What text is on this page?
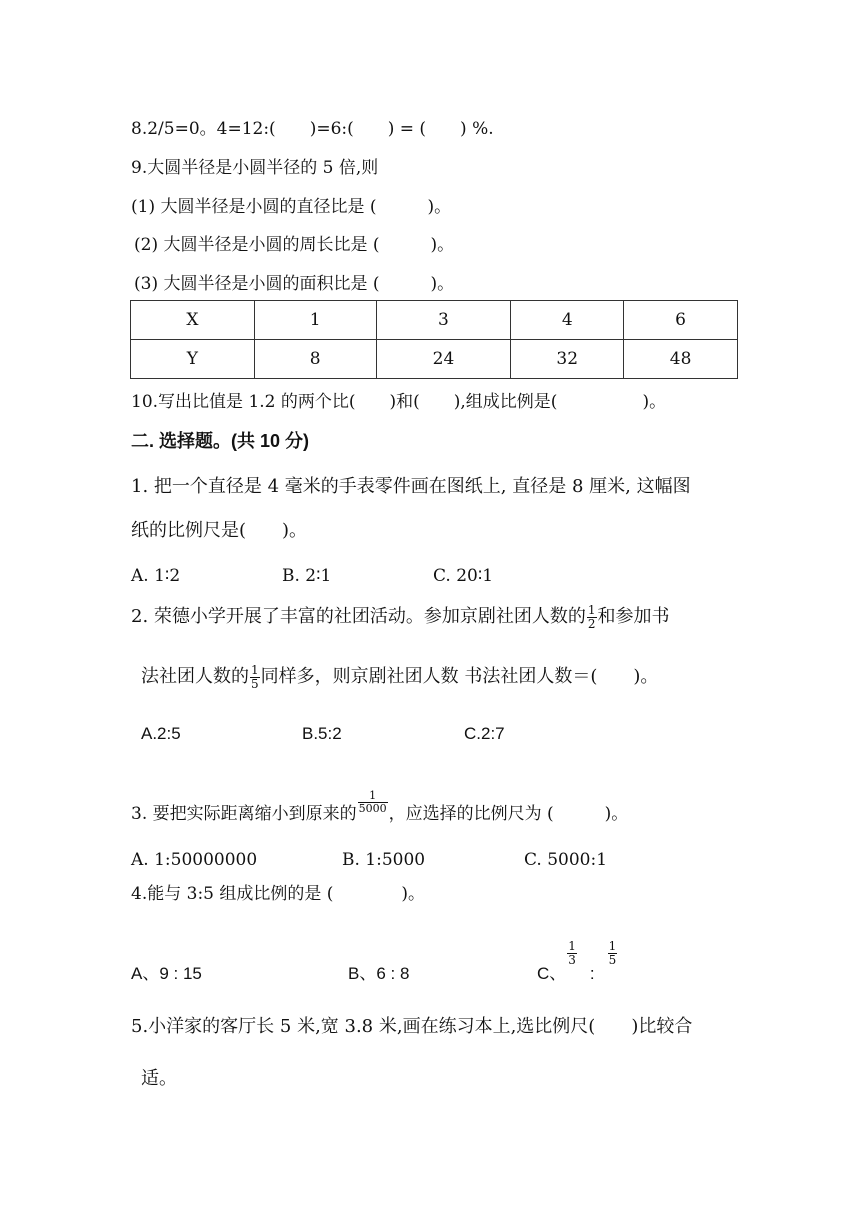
8.2/5=0。4=12:(　　)=6:(　　) = (　　) %.
9.大圆半径是小圆半径的 5 倍,则
(1) 大圆半径是小圆的直径比是 (　　　)。
(2) 大圆半径是小圆的周长比是 (　　　)。
(3) 大圆半径是小圆的面积比是 (　　　)。
X	1	3	4	6
Y	8	24	32	48
10.写出比值是 1.2 的两个比(　　)和(　　),组成比例是(　　　　　)。
二. 选择题。(共 10 分)
1. 把一个直径是 4 毫米的手表零件画在图纸上, 直径是 8 厘米, 这幅图
纸的比例尺是(　　)。
A. 1∶2	B. 2∶1	C. 20∶1
2. 荣德小学开展了丰富的社团活动。参加京剧社团人数的 $\frac{1}{2}$ 和参加书
法社团人数的 $\frac{1}{5}$ 同样多，则京剧社团人数 书法社团人数＝(　　)。
A.2:5	B.5:2	C.2:7
3. 要把实际距离缩小到原来的 $\frac{1}{5000}$ ，应选择的比例尺为 (　　　)。
A. 1:50000000	B. 1:5000	C. 5000:1
4.能与 3:5 组成比例的是 (　　　　)。
A、9 : 15	B、6 : 8	C、
$\frac{1}{3}$
:
$\frac{1}{5}$
5.小洋家的客厅长 5 米,宽 3.8 米,画在练习本上,选比例尺(　　)比较合
适。
